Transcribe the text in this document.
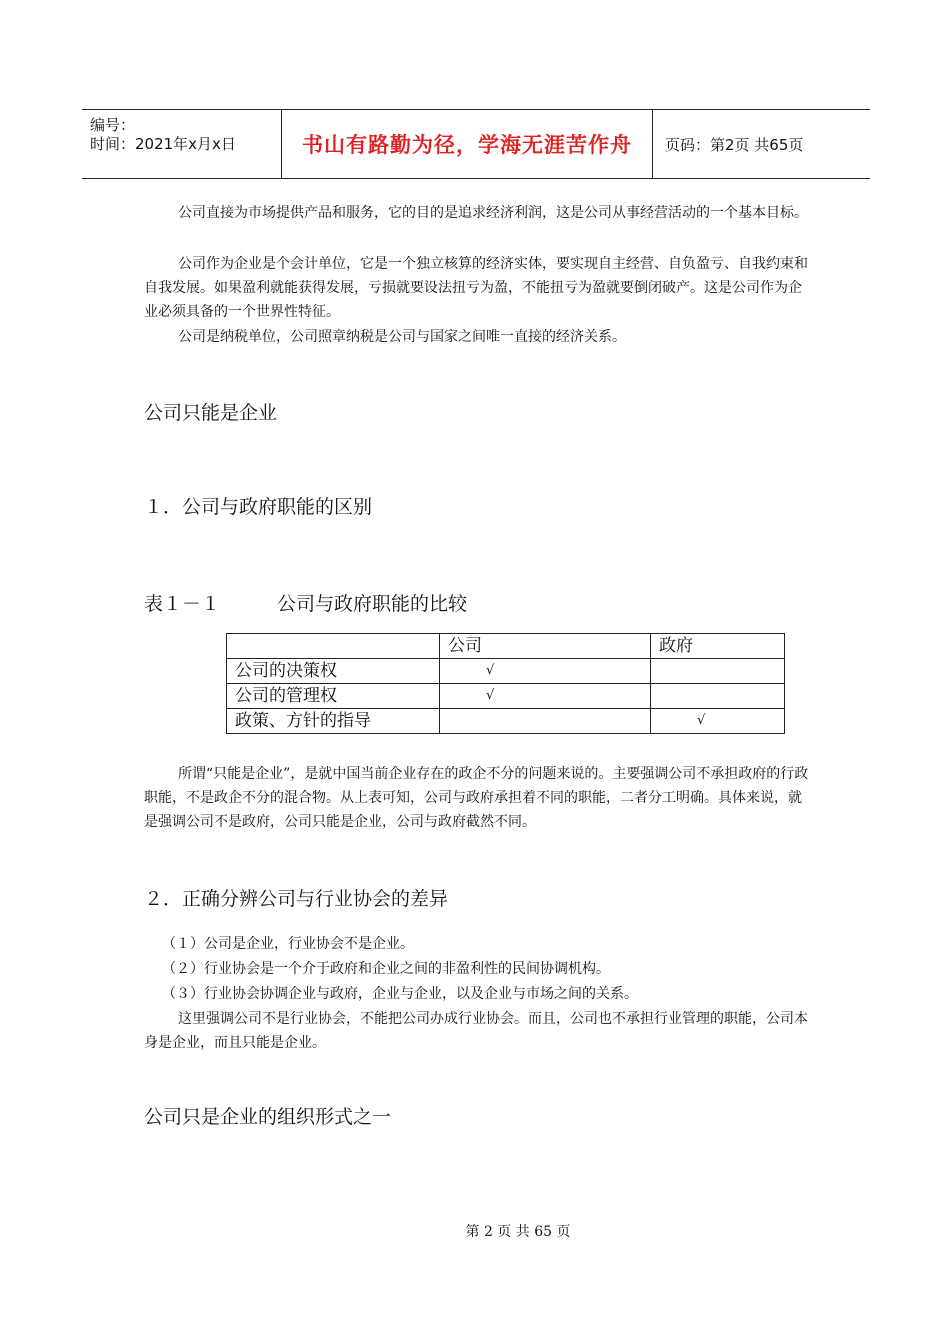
编号：
时间：2021年x月x日	书山有路勤为径，学海无涯苦作舟	页码：第2页 共65页

公司直接为市场提供产品和服务，它的目的是追求经济利润，这是公司从事经营活动的一个基本目标。

公司作为企业是个会计单位，它是一个独立核算的经济实体，要实现自主经营、自负盈亏、自我约束和自我发展。如果盈利就能获得发展，亏损就要设法扭亏为盈，不能扭亏为盈就要倒闭破产。这是公司作为企业必须具备的一个世界性特征。

公司是纳税单位，公司照章纳税是公司与国家之间唯一直接的经济关系。

公司只能是企业
１．公司与政府职能的区别
表１－１　　　公司与政府职能的比较
	公司	政府
公司的决策权	√	
公司的管理权	√	
政策、方针的指导		√

所谓“只能是企业”，是就中国当前企业存在的政企不分的问题来说的。主要强调公司不承担政府的行政职能，不是政企不分的混合物。从上表可知，公司与政府承担着不同的职能，二者分工明确。具体来说，就是强调公司不是政府，公司只能是企业，公司与政府截然不同。

２．正确分辨公司与行业协会的差异
（１）公司是企业，行业协会不是企业。
（２）行业协会是一个介于政府和企业之间的非盈利性的民间协调机构。
（３）行业协会协调企业与政府，企业与企业，以及企业与市场之间的关系。

这里强调公司不是行业协会，不能把公司办成行业协会。而且，公司也不承担行业管理的职能，公司本身是企业，而且只能是企业。

公司只是企业的组织形式之一
第 2 页 共 65 页
